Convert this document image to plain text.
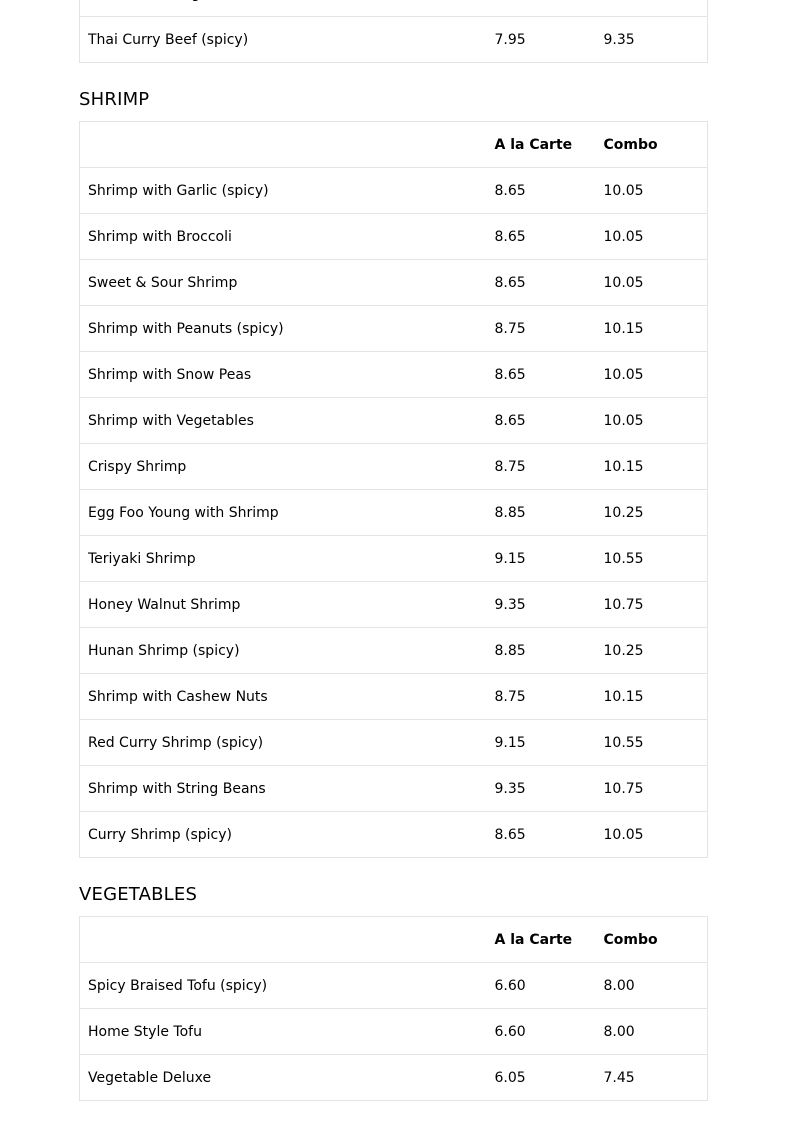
Thai Curry Beef (spicy)	7.95	9.35
SHRIMP
	A la Carte	Combo
Shrimp with Garlic (spicy)	8.65	10.05
Shrimp with Broccoli	8.65	10.05
Sweet & Sour Shrimp	8.65	10.05
Shrimp with Peanuts (spicy)	8.75	10.15
Shrimp with Snow Peas	8.65	10.05
Shrimp with Vegetables	8.65	10.05
Crispy Shrimp	8.75	10.15
Egg Foo Young with Shrimp	8.85	10.25
Teriyaki Shrimp	9.15	10.55
Honey Walnut Shrimp	9.35	10.75
Hunan Shrimp (spicy)	8.85	10.25
Shrimp with Cashew Nuts	8.75	10.15
Red Curry Shrimp (spicy)	9.15	10.55
Shrimp with String Beans	9.35	10.75
Curry Shrimp (spicy)	8.65	10.05
VEGETABLES
	A la Carte	Combo
Spicy Braised Tofu (spicy)	6.60	8.00
Home Style Tofu	6.60	8.00
Vegetable Deluxe	6.05	7.45
